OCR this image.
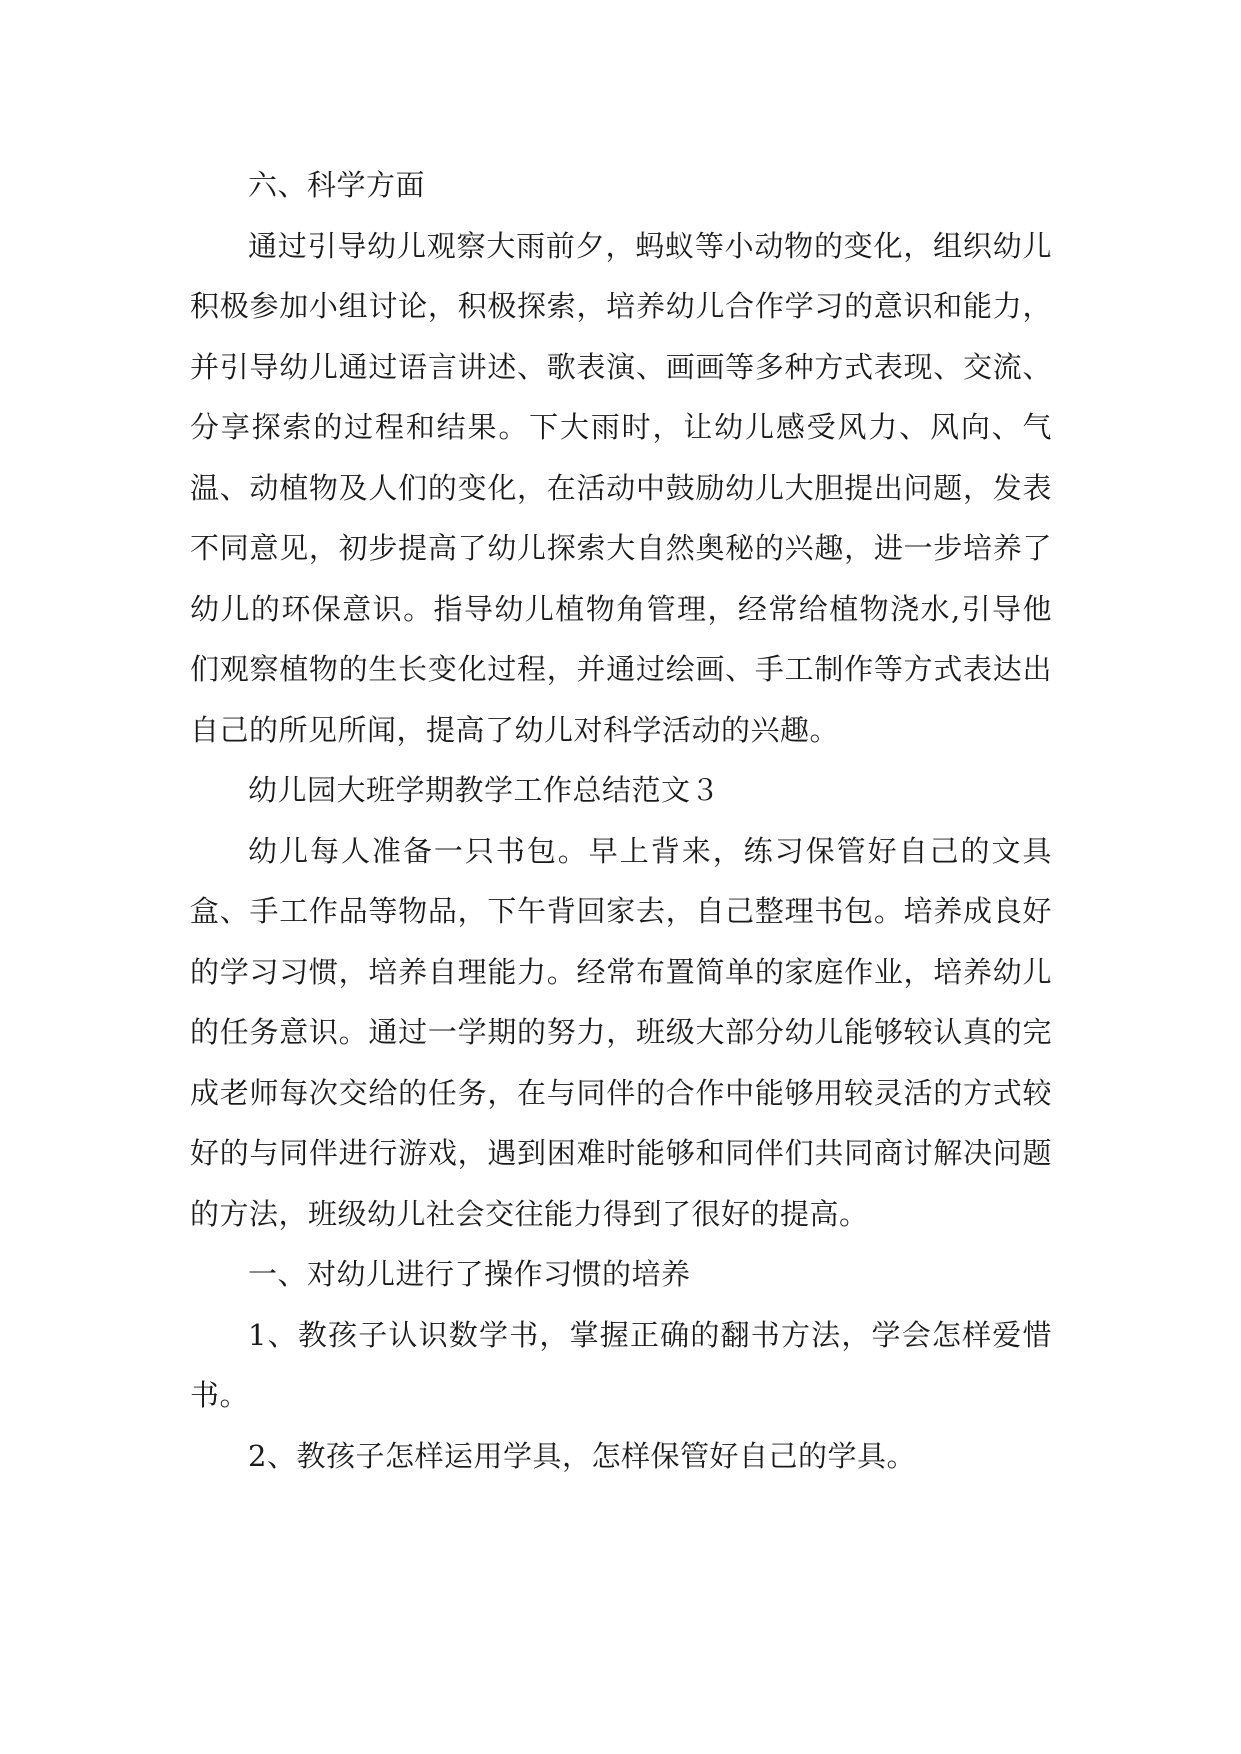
六、科学方面

通过引导幼儿观察大雨前夕，蚂蚁等小动物的变化，组织幼儿积极参加小组讨论，积极探索，培养幼儿合作学习的意识和能力，并引导幼儿通过语言讲述、歌表演、画画等多种方式表现、交流、分享探索的过程和结果。下大雨时，让幼儿感受风力、风向、气温、动植物及人们的变化，在活动中鼓励幼儿大胆提出问题，发表不同意见，初步提高了幼儿探索大自然奥秘的兴趣，进一步培养了幼儿的环保意识。指导幼儿植物角管理，经常给植物浇水,引导他们观察植物的生长变化过程，并通过绘画、手工制作等方式表达出自己的所见所闻，提高了幼儿对科学活动的兴趣。

幼儿园大班学期教学工作总结范文３

幼儿每人准备一只书包。早上背来，练习保管好自己的文具盒、手工作品等物品，下午背回家去，自己整理书包。培养成良好的学习习惯，培养自理能力。经常布置简单的家庭作业，培养幼儿的任务意识。通过一学期的努力，班级大部分幼儿能够较认真的完成老师每次交给的任务，在与同伴的合作中能够用较灵活的方式较好的与同伴进行游戏，遇到困难时能够和同伴们共同商讨解决问题的方法，班级幼儿社会交往能力得到了很好的提高。

一、对幼儿进行了操作习惯的培养

1、教孩子认识数学书，掌握正确的翻书方法，学会怎样爱惜书。

2、教孩子怎样运用学具，怎样保管好自己的学具。
